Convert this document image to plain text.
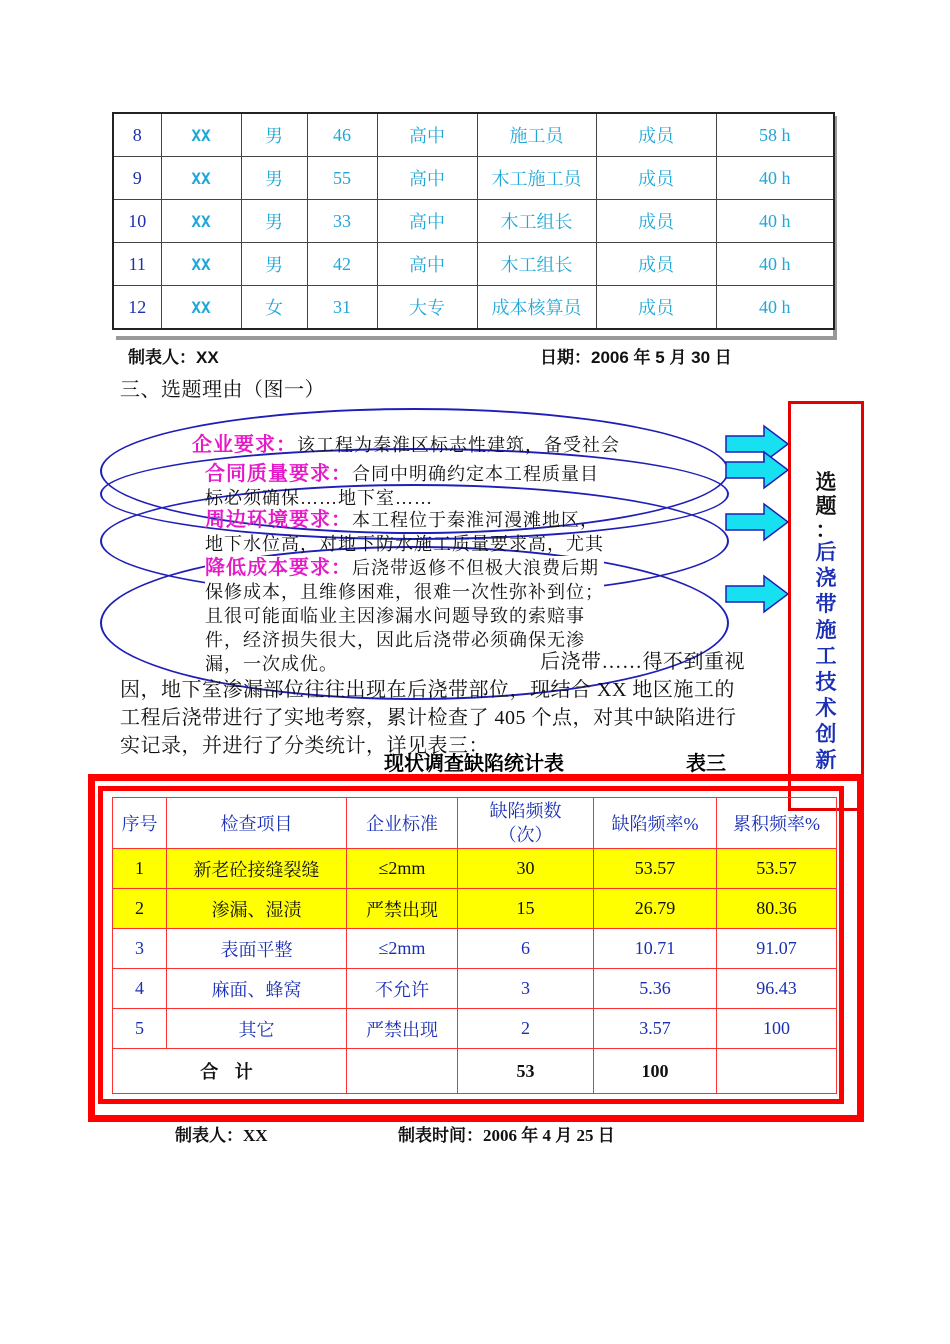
8	XX	男	46	高中	施工员	成员	58 h
9	XX	男	55	高中	木工施工员	成员	40 h
10	XX	男	33	高中	木工组长	成员	40 h
11	XX	男	42	高中	木工组长	成员	40 h
12	XX	女	31	大专	成本核算员	成员	40 h
制表人：XX	日期：2006 年 5 月 30 日
三、选题理由（图一）
企业要求：该工程为秦淮区标志性建筑，备受社会
合同质量要求：合同中明确约定本工程质量目
标必须确保……地下室……
周边环境要求：本工程位于秦淮河漫滩地区，
地下水位高，对地下防水施工质量要求高，尤其
降低成本要求：后浇带返修不但极大浪费后期
保修成本，且维修困难，很难一次性弥补到位；
且很可能面临业主因渗漏水问题导致的索赔事
件，经济损失很大，因此后浇带必须确保无渗
漏，一次成优。	后浇带……得不到重视
因，地下室渗漏部位往往出现在后浇带部位，现结合 XX 地区施工的
工程后浇带进行了实地考察，累计检查了 405 个点，对其中缺陷进行
实记录，并进行了分类统计，详见表三：
选
题
：
后
浇
带
施
工
技
术
创
新
现状调查缺陷统计表	表三
序号	检查项目	企业标准	缺陷频数（次）	缺陷频率%	累积频率%
1	新老砼接缝裂缝	≤2mm	30	53.57	53.57
2	渗漏、湿渍	严禁出现	15	26.79	80.36
3	表面平整	≤2mm	6	10.71	91.07
4	麻面、蜂窝	不允许	3	5.36	96.43
5	其它	严禁出现	2	3.57	100
合 计			53	100	
制表人：XX	制表时间：2006 年 4 月 25 日
